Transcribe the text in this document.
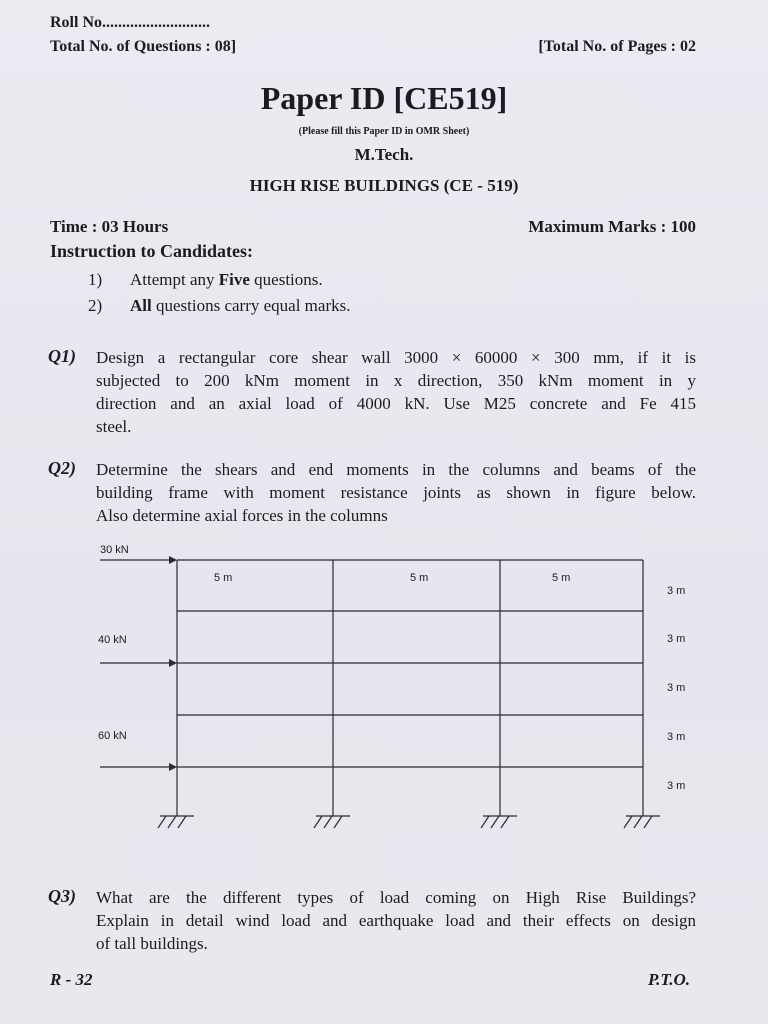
Roll No...........................
Total No. of Questions : 08]	[Total No. of Pages : 02
Paper ID [CE519]
(Please fill this Paper ID in OMR Sheet)
M.Tech.
HIGH RISE BUILDINGS (CE - 519)
Time : 03 Hours	Maximum Marks : 100
Instruction to Candidates:
1) Attempt any Five questions.
2) All questions carry equal marks.
Q1) Design a rectangular core shear wall 3000 × 60000 × 300 mm, if it is
subjected to 200 kNm moment in x direction, 350 kNm moment in y
direction and an axial load of 4000 kN. Use M25 concrete and Fe 415
steel.
Q2) Determine the shears and end moments in the columns and beams of the
building frame with moment resistance joints as shown in figure below.
Also determine axial forces in the columns
30 kN
40 kN
60 kN
5 m	5 m	5 m
3 m
3 m
3 m
3 m
3 m
Q3) What are the different types of load coming on High Rise Buildings?
Explain in detail wind load and earthquake load and their effects on design
of tall buildings.
R - 32	P.T.O.
